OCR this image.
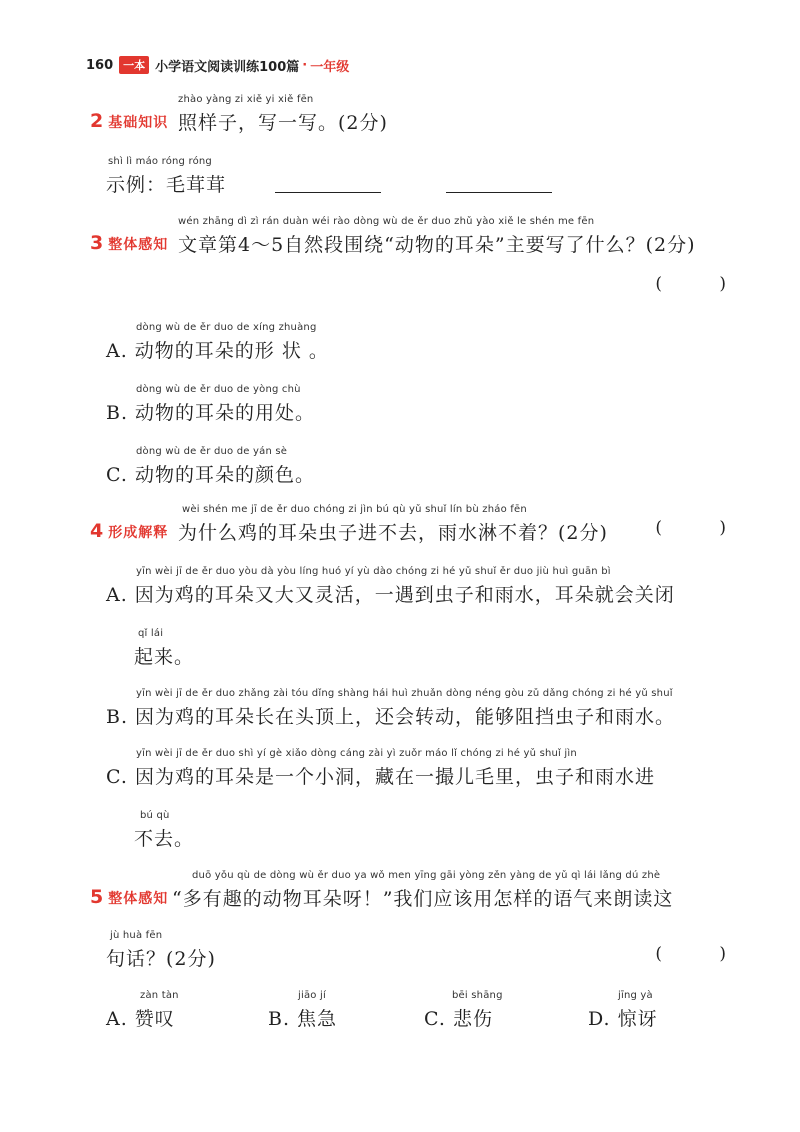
160 一本 小学语文阅读训练100篇 · 一年级
zhào yàng zi xiě yi xiě fēn
2 基础知识 照样子，写一写。(2分)
shì lì máo róng róng
示例：毛茸茸
wén zhāng dì zì rán duàn wéi rào dòng wù de ěr duo zhǔ yào xiě le shén me fēn
3 整体感知 文章第4～5自然段围绕“动物的耳朵”主要写了什么？(2分)
( )
dòng wù de ěr duo de xíng zhuàng
A. 动物的耳朵的形 状 。
dòng wù de ěr duo de yòng chù
B. 动物的耳朵的用处。
dòng wù de ěr duo de yán sè
C. 动物的耳朵的颜色。
wèi shén me jī de ěr duo chóng zi jìn bú qù yǔ shuǐ lín bù zháo fēn
4 形成解释 为什么鸡的耳朵虫子进不去，雨水淋不着？(2分)	( )
yīn wèi jī de ěr duo yòu dà yòu líng huó yí yù dào chóng zi hé yǔ shuǐ ěr duo jiù huì guān bì
A. 因为鸡的耳朵又大又灵活，一遇到虫子和雨水，耳朵就会关闭
qǐ lái
起来。
yīn wèi jī de ěr duo zhǎng zài tóu dǐng shàng hái huì zhuǎn dòng néng gòu zǔ dǎng chóng zi hé yǔ shuǐ
B. 因为鸡的耳朵长在头顶上，还会转动，能够阻挡虫子和雨水。
yīn wèi jī de ěr duo shì yí gè xiǎo dòng cáng zài yì zuǒr máo lǐ chóng zi hé yǔ shuǐ jìn
C. 因为鸡的耳朵是一个小洞，藏在一撮儿毛里，虫子和雨水进
bú qù
不去。
duō yǒu qù de dòng wù ěr duo ya wǒ men yīng gāi yòng zěn yàng de yǔ qì lái lǎng dú zhè
5 整体感知 “多有趣的动物耳朵呀！”我们应该用怎样的语气来朗读这
jù huà fēn
句话？(2分)	( )
zàn tàn
A. 赞叹
jiāo jí
B. 焦急
bēi shāng
C. 悲伤
jīng yà
D. 惊讶
